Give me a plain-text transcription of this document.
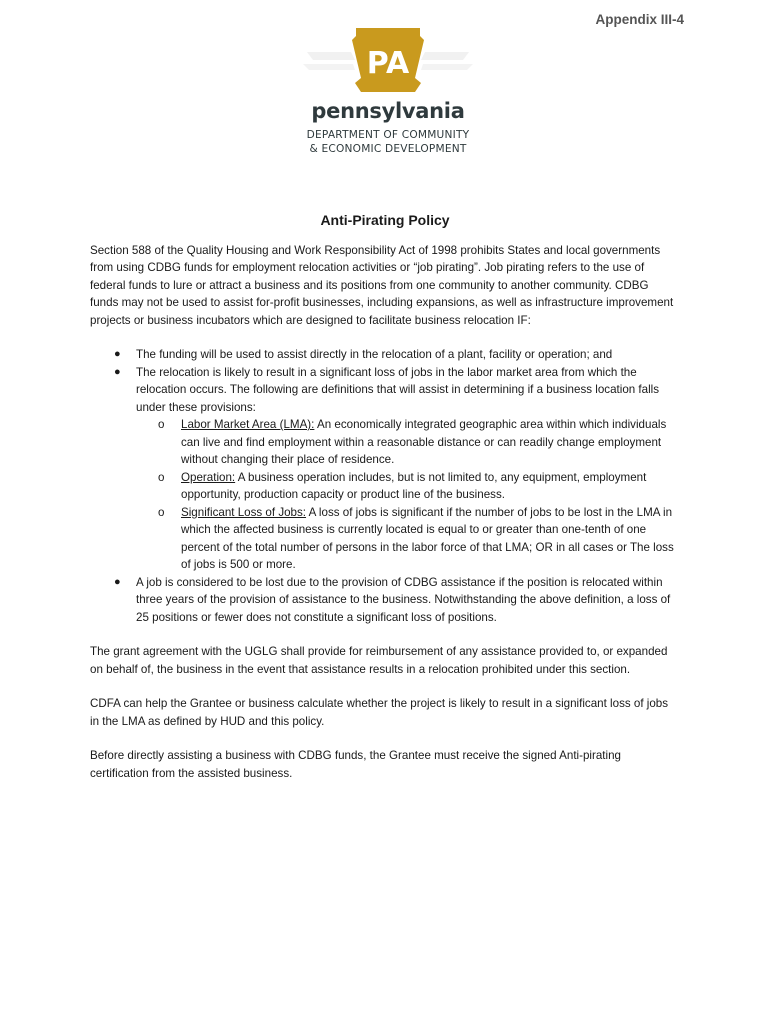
Appendix III-4
PA
pennsylvania
DEPARTMENT OF COMMUNITY
& ECONOMIC DEVELOPMENT
Anti-Pirating Policy

Section 588 of the Quality Housing and Work Responsibility Act of 1998 prohibits States and local governments from using CDBG funds for employment relocation activities or “job pirating”. Job pirating refers to the use of federal funds to lure or attract a business and its positions from one community to another community. CDBG funds may not be used to assist for-profit businesses, including expansions, as well as infrastructure improvement projects or business incubators which are designed to facilitate business relocation IF:

● The funding will be used to assist directly in the relocation of a plant, facility or operation; and
● The relocation is likely to result in a significant loss of jobs in the labor market area from which the relocation occurs. The following are definitions that will assist in determining if a business location falls under these provisions:
o Labor Market Area (LMA): An economically integrated geographic area within which individuals can live and find employment within a reasonable distance or can readily change employment without changing their place of residence.
o Operation: A business operation includes, but is not limited to, any equipment, employment opportunity, production capacity or product line of the business.
o Significant Loss of Jobs: A loss of jobs is significant if the number of jobs to be lost in the LMA in which the affected business is currently located is equal to or greater than one-tenth of one percent of the total number of persons in the labor force of that LMA; OR in all cases or The loss of jobs is 500 or more.
● A job is considered to be lost due to the provision of CDBG assistance if the position is relocated within three years of the provision of assistance to the business. Notwithstanding the above definition, a loss of 25 positions or fewer does not constitute a significant loss of positions.

The grant agreement with the UGLG shall provide for reimbursement of any assistance provided to, or expanded on behalf of, the business in the event that assistance results in a relocation prohibited under this section.

CDFA can help the Grantee or business calculate whether the project is likely to result in a significant loss of jobs in the LMA as defined by HUD and this policy.

Before directly assisting a business with CDBG funds, the Grantee must receive the signed Anti-pirating certification from the assisted business.
